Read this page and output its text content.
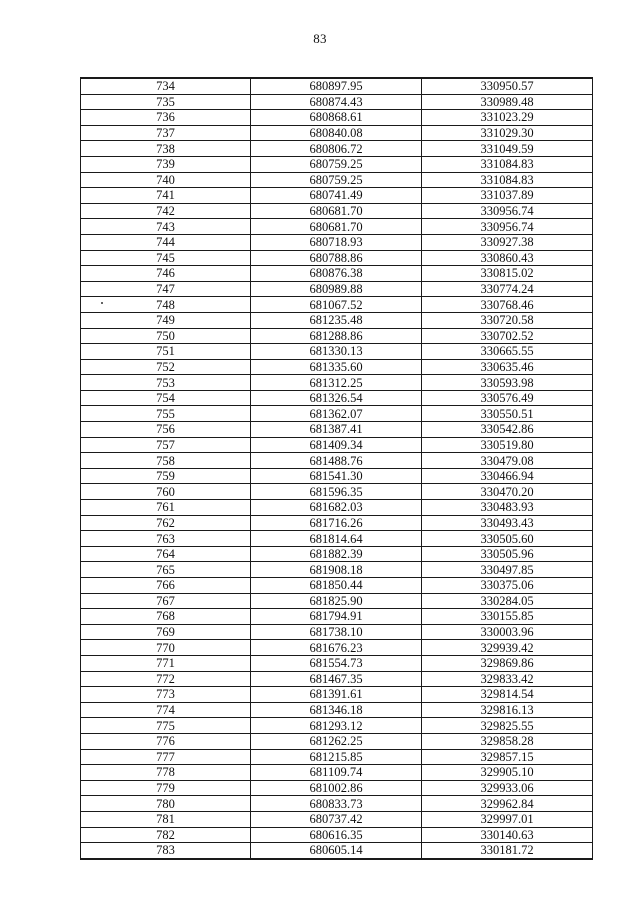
83
734	680897.95	330950.57
735	680874.43	330989.48
736	680868.61	331023.29
737	680840.08	331029.30
738	680806.72	331049.59
739	680759.25	331084.83
740	680759.25	331084.83
741	680741.49	331037.89
742	680681.70	330956.74
743	680681.70	330956.74
744	680718.93	330927.38
745	680788.86	330860.43
746	680876.38	330815.02
747	680989.88	330774.24
748	681067.52	330768.46
749	681235.48	330720.58
750	681288.86	330702.52
751	681330.13	330665.55
752	681335.60	330635.46
753	681312.25	330593.98
754	681326.54	330576.49
755	681362.07	330550.51
756	681387.41	330542.86
757	681409.34	330519.80
758	681488.76	330479.08
759	681541.30	330466.94
760	681596.35	330470.20
761	681682.03	330483.93
762	681716.26	330493.43
763	681814.64	330505.60
764	681882.39	330505.96
765	681908.18	330497.85
766	681850.44	330375.06
767	681825.90	330284.05
768	681794.91	330155.85
769	681738.10	330003.96
770	681676.23	329939.42
771	681554.73	329869.86
772	681467.35	329833.42
773	681391.61	329814.54
774	681346.18	329816.13
775	681293.12	329825.55
776	681262.25	329858.28
777	681215.85	329857.15
778	681109.74	329905.10
779	681002.86	329933.06
780	680833.73	329962.84
781	680737.42	329997.01
782	680616.35	330140.63
783	680605.14	330181.72
